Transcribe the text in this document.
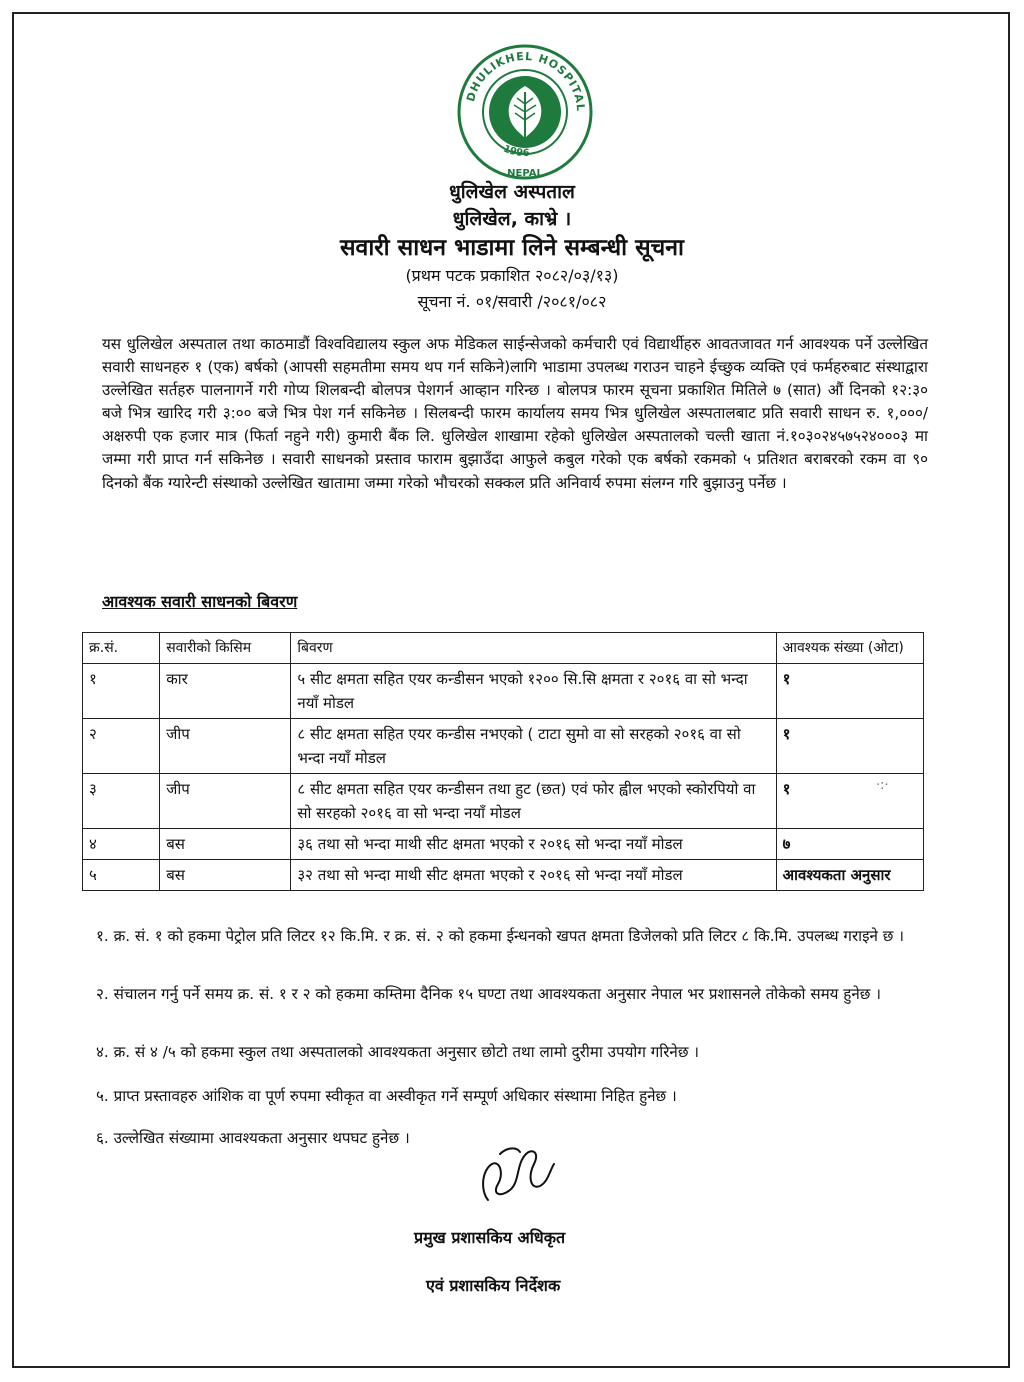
DHULIKHEL HOSPITAL
1996
NEPAL
धुलिखेल अस्पताल
धुलिखेल, काभ्रे ।
सवारी साधन भाडामा लिने सम्बन्धी सूचना
(प्रथम पटक प्रकाशित २०८२/०३/१३)
सूचना नं. ०१/सवारी /२०८१/०८२

यस धुलिखेल अस्पताल तथा काठमाडौं विश्वविद्यालय स्कुल अफ मेडिकल साईन्सेजको कर्मचारी एवं विद्यार्थीहरु आवतजावत गर्न आवश्यक पर्ने उल्लेखित सवारी साधनहरु १ (एक) बर्षको (आपसी सहमतीमा समय थप गर्न सकिने)लागि भाडामा उपलब्ध गराउन चाहने ईच्छुक व्यक्ति एवं फर्महरुबाट संस्थाद्वारा उल्लेखित सर्तहरु पालनागर्ने गरी गोप्य शिलबन्दी बोलपत्र पेशगर्न आव्हान गरिन्छ । बोलपत्र फारम सूचना प्रकाशित मितिले ७ (सात) औं दिनको १२:३० बजे भित्र खारिद गरी ३:०० बजे भित्र पेश गर्न सकिनेछ । सिलबन्दी फारम कार्यालय समय भित्र धुलिखेल अस्पतालबाट प्रति सवारी साधन रु. १,०००/ अक्षरुपी एक हजार मात्र (फिर्ता नहुने गरी) कुमारी बैंक लि. धुलिखेल शाखामा रहेको धुलिखेल अस्पतालको चल्ती खाता नं.१०३०२४५७५२४०००३ मा जम्मा गरी प्राप्त गर्न सकिनेछ । सवारी साधनको प्रस्ताव फाराम बुझाउँदा आफुले कबुल गरेको एक बर्षको रकमको ५ प्रतिशत बराबरको रकम वा ९० दिनको बैंक ग्यारेन्टी संस्थाको उल्लेखित खातामा जम्मा गरेको भौचरको सक्कल प्रति अनिवार्य रुपमा संलग्न गरि बुझाउनु पर्नेछ ।

आवश्यक सवारी साधनको बिवरण
क्र.सं.	सवारीको किसिम	बिवरण	आवश्यक संख्या (ओटा)
१	कार	५ सीट क्षमता सहित एयर कन्डीसन भएको १२०० सि.सि क्षमता र २०१६ वा सो भन्दा नयाँ मोडल	१
२	जीप	८ सीट क्षमता सहित एयर कन्डीस नभएको ( टाटा सुमो वा सो सरहको २०१६ वा सो भन्दा नयाँ मोडल	१
३	जीप	८ सीट क्षमता सहित एयर कन्डीसन तथा हुट (छत) एवं फोर ह्वील भएको स्कोरपियो वा सो सरहको २०१६ वा सो भन्दा नयाँ मोडल	१
४	बस	३६ तथा सो भन्दा माथी सीट क्षमता भएको र २०१६ सो भन्दा नयाँ मोडल	७
५	बस	३२ तथा सो भन्दा माथी सीट क्षमता भएको र २०१६ सो भन्दा नयाँ मोडल	आवश्यकता अनुसार
·:·

१. क्र. सं. १ को हकमा पेट्रोल प्रति लिटर १२ कि.मि. र क्र. सं. २ को हकमा ईन्धनको खपत क्षमता डिजेलको प्रति लिटर ८ कि.मि. उपलब्ध गराइने छ ।

२. संचालन गर्नु पर्ने समय क्र. सं. १ र २ को हकमा कम्तिमा दैनिक १५ घण्टा तथा आवश्यकता अनुसार नेपाल भर प्रशासनले तोकेको समय हुनेछ ।

४. क्र. सं ४ /५ को हकमा स्कुल तथा अस्पतालको आवश्यकता अनुसार छोटो तथा लामो दुरीमा उपयोग गरिनेछ ।

५. प्राप्त प्रस्तावहरु आंशिक वा पूर्ण रुपमा स्वीकृत वा अस्वीकृत गर्ने सम्पूर्ण अधिकार संस्थामा निहित हुनेछ ।

६. उल्लेखित संख्यामा आवश्यकता अनुसार थपघट हुनेछ ।

प्रमुख प्रशासकिय अधिकृत
एवं प्रशासकिय निर्देशक
